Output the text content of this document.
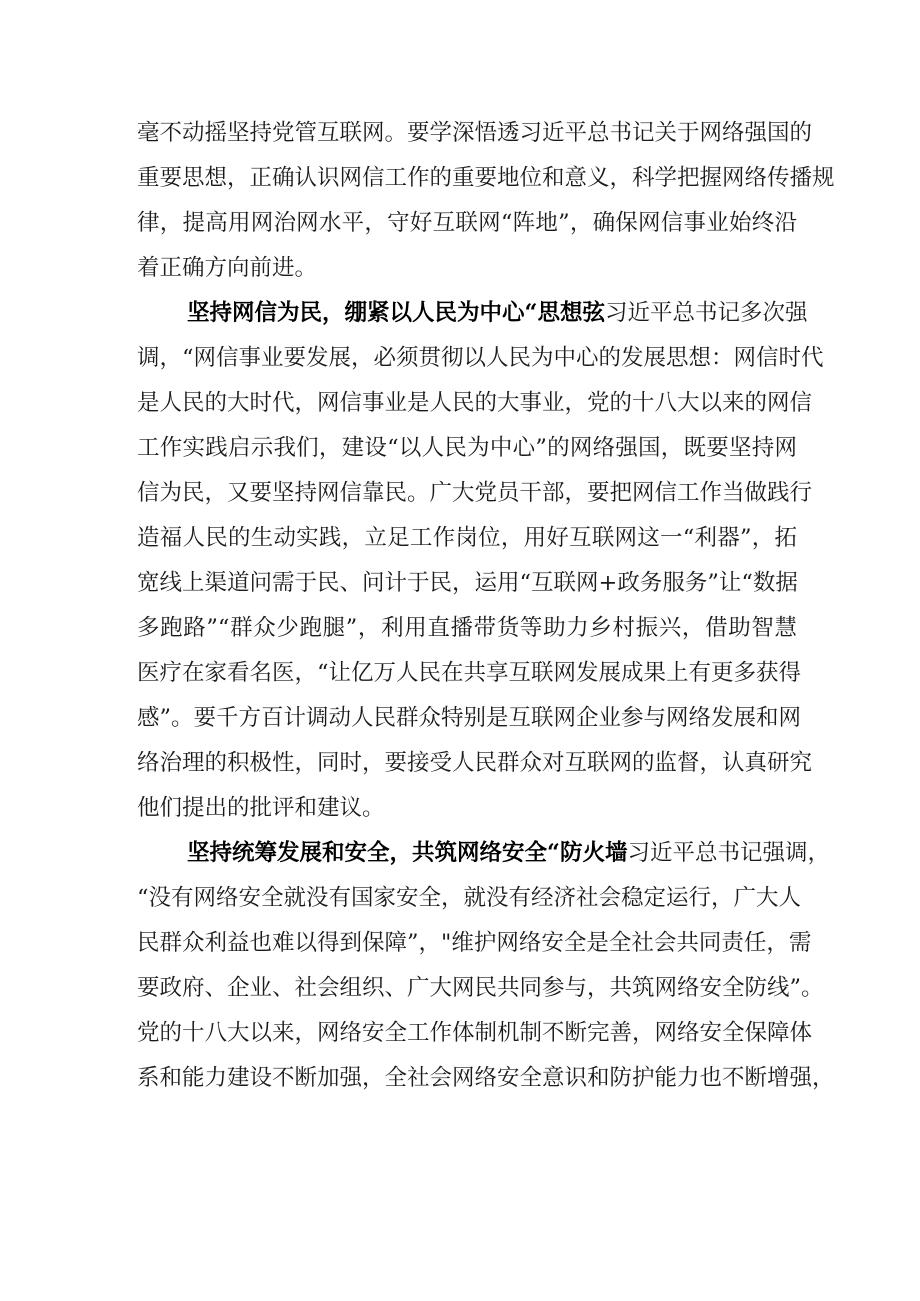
毫不动摇坚持党管互联网。要学深悟透习近平总书记关于网络强国的
重要思想，正确认识网信工作的重要地位和意义，科学把握网络传播规
律，提高用网治网水平，守好互联网“阵地”，确保网信事业始终沿
着正确方向前进。
坚持网信为民，绷紧以人民为中心“思想弦习近平总书记多次强
调，“网信事业要发展，必须贯彻以人民为中心的发展思想：网信时代
是人民的大时代，网信事业是人民的大事业，党的十八大以来的网信
工作实践启示我们，建设“以人民为中心”的网络强国，既要坚持网
信为民，又要坚持网信靠民。广大党员干部，要把网信工作当做践行
造福人民的生动实践，立足工作岗位，用好互联网这一“利器”，拓
宽线上渠道问需于民、问计于民，运用“互联网+政务服务”让“数据
多跑路”“群众少跑腿”，利用直播带货等助力乡村振兴，借助智慧
医疗在家看名医，“让亿万人民在共享互联网发展成果上有更多获得
感”。要千方百计调动人民群众特别是互联网企业参与网络发展和网
络治理的积极性，同时，要接受人民群众对互联网的监督，认真研究
他们提出的批评和建议。
坚持统筹发展和安全，共筑网络安全“防火墙习近平总书记强调，
“没有网络安全就没有国家安全，就没有经济社会稳定运行，广大人
民群众利益也难以得到保障”，"维护网络安全是全社会共同责任，需
要政府、企业、社会组织、广大网民共同参与，共筑网络安全防线”。
党的十八大以来，网络安全工作体制机制不断完善，网络安全保障体
系和能力建设不断加强，全社会网络安全意识和防护能力也不断增强，
